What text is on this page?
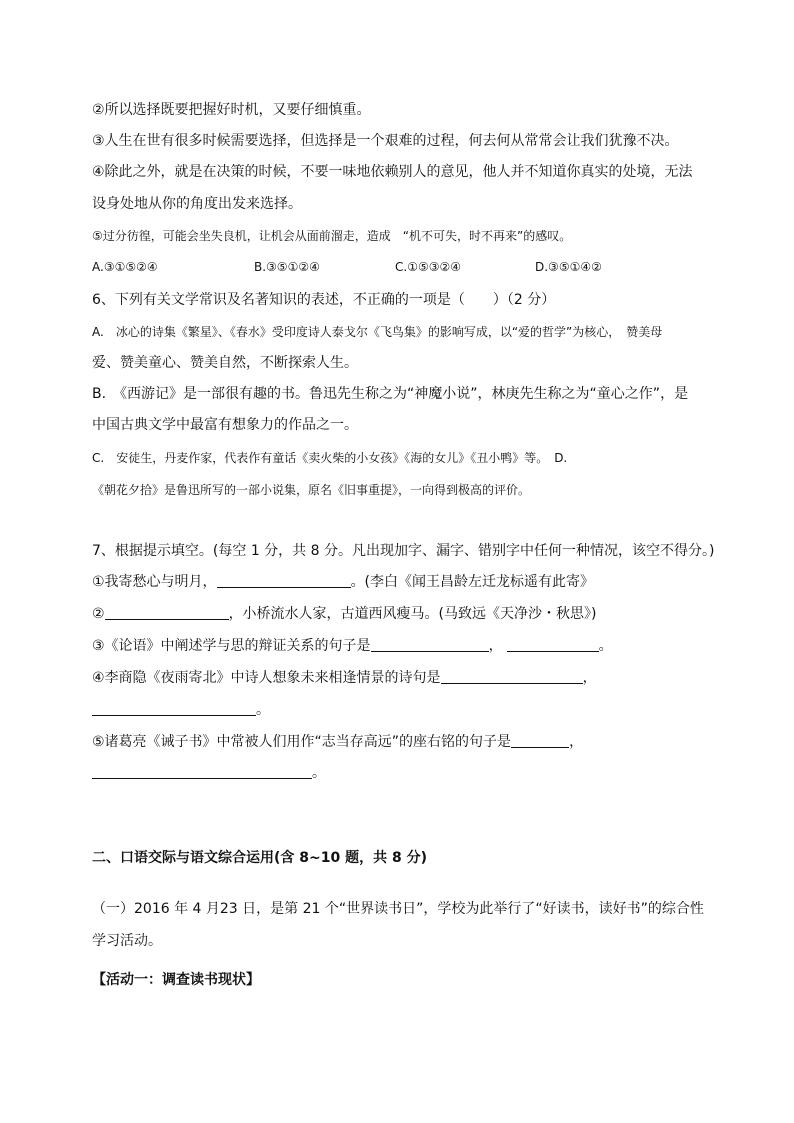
②所以选择既要把握好时机，又要仔细慎重。
③人生在世有很多时候需要选择，但选择是一个艰难的过程，何去何从常常会让我们犹豫不决。
④除此之外，就是在决策的时候，不要一味地依赖别人的意见，他人并不知道你真实的处境，无法
设身处地从你的角度出发来选择。
⑤过分彷徨，可能会坐失良机，让机会从面前溜走，造成　“机不可失，时不再来”的感叹。
A.③①⑤②④	B.③⑤①②④	C.①⑤③②④	D.③⑤①④②
6、下列有关文学常识及名著知识的表述，不正确的一项是（　　）（2 分）
A.　冰心的诗集《繁星》、《春水》受印度诗人泰戈尔《飞鸟集》的影响写成，以“爱的哲学”为核心，　赞美母
爱、赞美童心、赞美自然，不断探索人生。
B.　《西游记》是一部很有趣的书。鲁迅先生称之为“神魔小说”，林庚先生称之为“童心之作”，是
中国古典文学中最富有想象力的作品之一。
C.　安徒生，丹麦作家，代表作有童话《卖火柴的小女孩》《海的女儿》《丑小鸭》等。　D.
《朝花夕拾》是鲁迅所写的一部小说集，原名《旧事重提》，一向得到极高的评价。
7、根据提示填空。(每空 1 分，共 8 分。凡出现加字、漏字、错别字中任何一种情况，该空不得分。)
①我寄愁心与明月，	。(李白《闻王昌龄左迁龙标遥有此寄》
②	，小桥流水人家，古道西风瘦马。(马致远《天净沙・秋思》)
③《论语》中阐述学与思的辩证关系的句子是	，	。
④李商隐《夜雨寄北》中诗人想象未来相逢情景的诗句是	，
。
⑤诸葛亮《诫子书》中常被人们用作“志当存高远”的座右铭的句子是	，
。
二、口语交际与语文综合运用(含 8~10 题，共 8 分)
（一）2016 年 4 月23 日，是第 21 个“世界读书日”，学校为此举行了“好读书，读好书”的综合性
学习活动。
【活动一：调查读书现状】
